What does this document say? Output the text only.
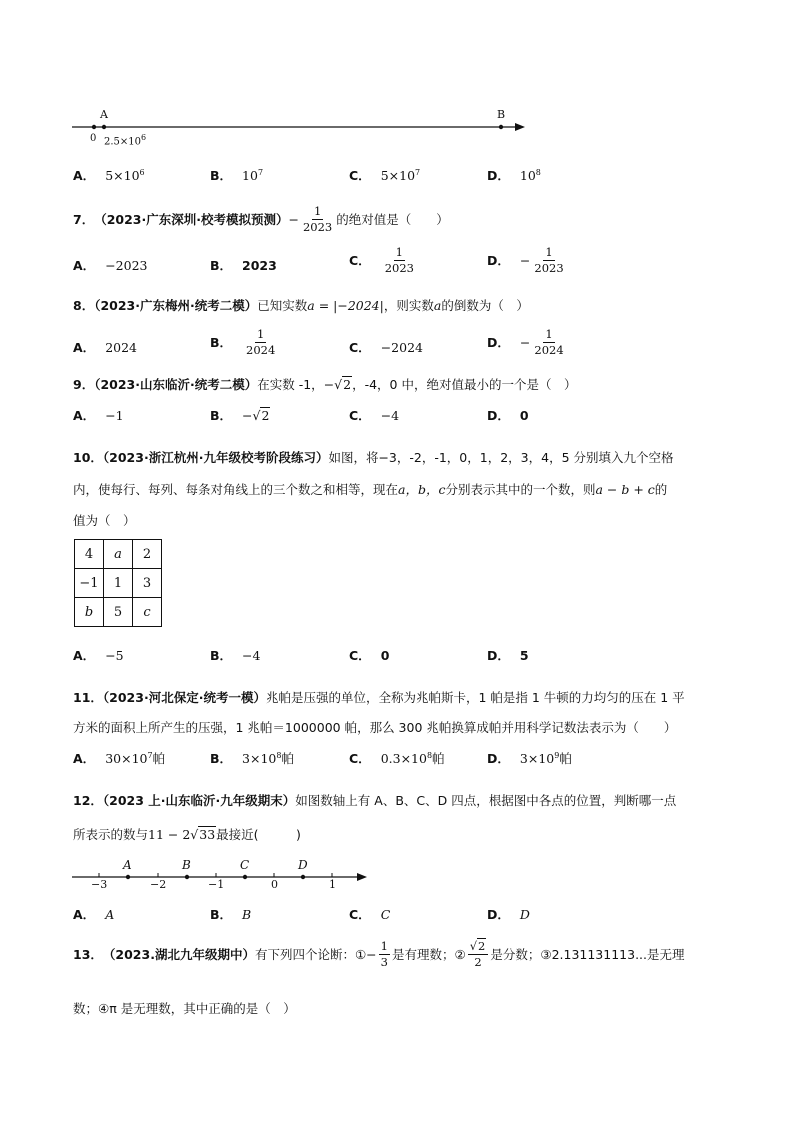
A	B
0 $2.5\times 10^6$
A． $5\times 10^6$	B． $10^7$	C． $5\times 10^7$	D． $10^8$
7． （2023·广东深圳·校考模拟预测） − $\frac{1}{2023}$ 的绝对值是（　　）
A． −2023	B． 2023	C． $\frac{1}{2023}$	D． − $\frac{1}{2023}$
8．（2023·广东梅州·统考二模）已知实数a = |−2024|，则实数a的倒数为（　）
A． 2024	B． $\frac{1}{2024}$	C． −2024	D． − $\frac{1}{2024}$
9．（2023·山东临沂·统考二模）在实数 -1，−√2，-4，0 中，绝对值最小的一个是（　）
A． −1	B． −√2	C． −4	D． 0
10．（2023·浙江杭州·九年级校考阶段练习）如图，将−3，-2，-1，0，1，2，3，4，5 分别填入九个空格
内，使每行、每列、每条对角线上的三个数之和相等，现在a，b，c分别表示其中的一个数，则a − b + c的
值为（　）
4	a	2
−1	1	3
b	5	c
A． −5	B． −4	C． 0	D． 5
11．（2023·河北保定·统考一模）兆帕是压强的单位，全称为兆帕斯卡，1 帕是指 1 牛顿的力均匀的压在 1 平
方米的面积上所产生的压强，1 兆帕＝1000000 帕，那么 300 兆帕换算成帕并用科学记数法表示为（　　）
A． $30\times 10^7$帕	B． $3\times 10^8$帕	C． $0.3\times 10^8$帕	D． $3\times 10^9$帕
12．（2023 上·山东临沂·九年级期末）如图数轴上有 A、B、C、D 四点，根据图中各点的位置，判断哪一点
所表示的数与11 − 2√33最接近(　　　)
A	B	C	D
−3	−2	−1	0	1
A． A	B． B	C． C	D． D
13． （2023.湖北九年级期中） 有下列四个论断：① − $\frac{1}{3}$ 是有理数；② $\frac{√2}{2}$ 是分数；③2.131131113...是无理
数；④π 是无理数，其中正确的是（　）
